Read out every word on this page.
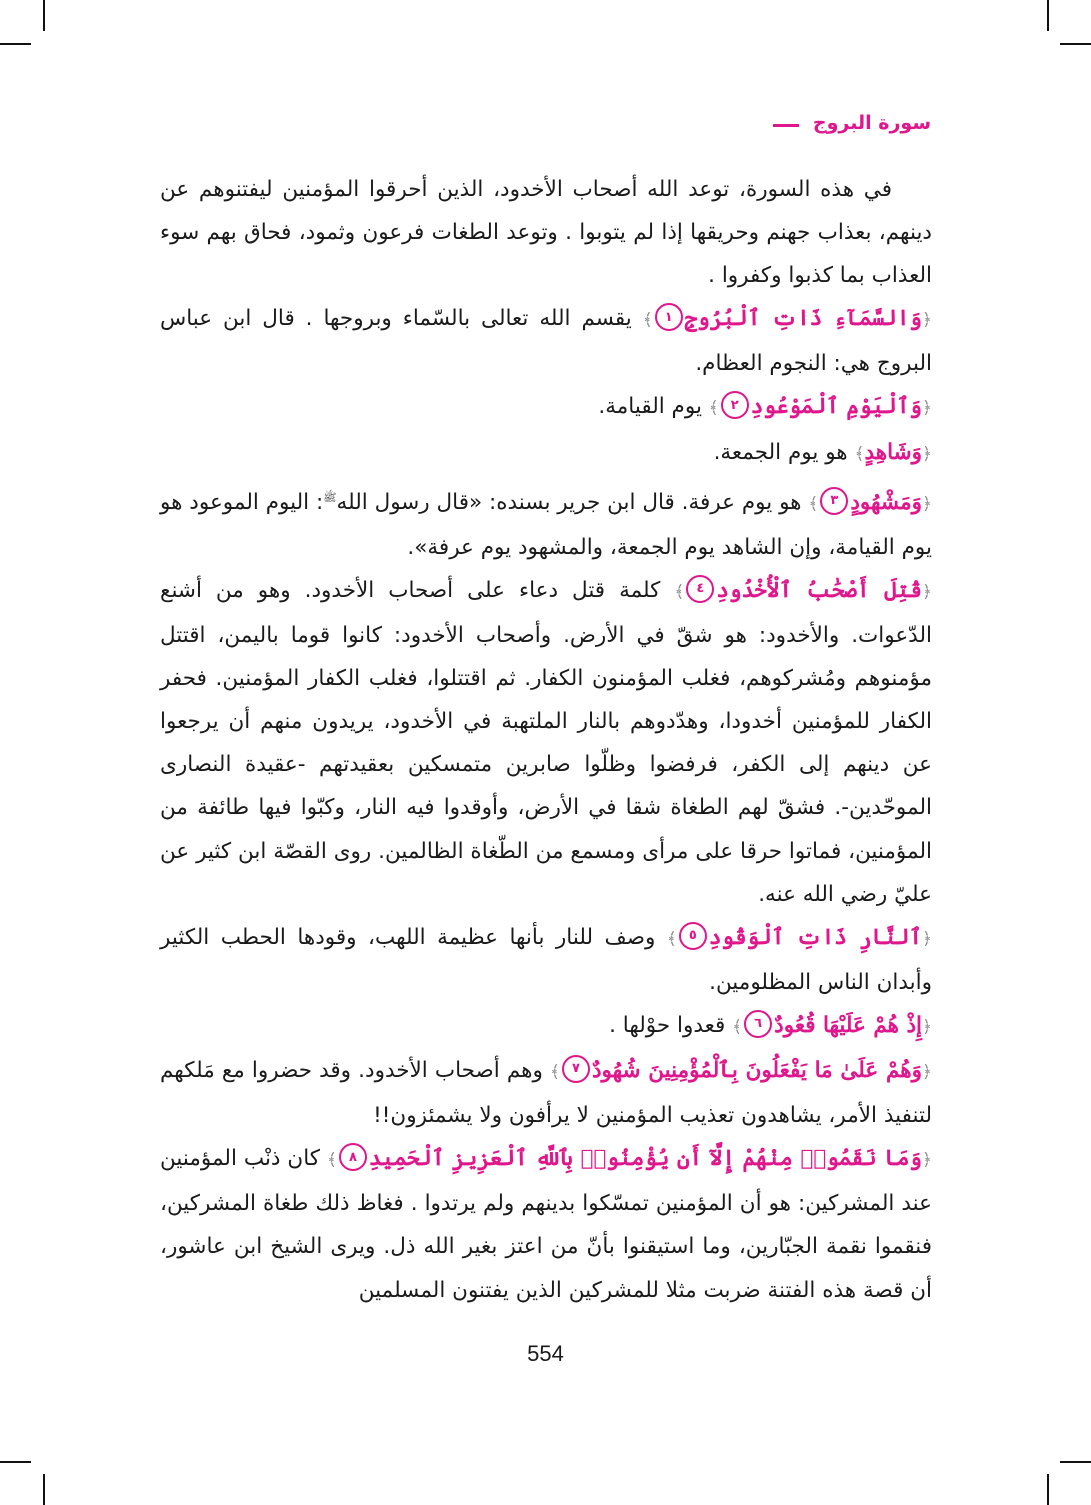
سورة البروج

في هذه السورة، توعد الله أصحاب الأخدود، الذين أحرقوا المؤمنين ليفتنوهم عن دينهم، بعذاب جهنم وحريقها إذا لم يتوبوا . وتوعد الطغات فرعون وثمود، فحاق بهم سوء العذاب بما كذبوا وكفروا .

﴿وَالسَّمَآءِ ذَاتِ ٱلْبُرُوجِ١﴾ يقسم الله تعالى بالسّماء وبروجها . قال ابن عباس البروج هي: النجوم العظام.

﴿وَٱلْيَوْمِ ٱلْمَوْعُودِ٢﴾ يوم القيامة.

﴿وَشَاهِدٍ﴾ هو يوم الجمعة.

﴿وَمَشْهُودٍ٣﴾ هو يوم عرفة. قال ابن جرير بسنده: «قال رسول الله$^ﷺ$: اليوم الموعود هو يوم القيامة، وإن الشاهد يوم الجمعة، والمشهود يوم عرفة».

﴿قُتِلَ أَصْحَٰبُ ٱلْأُخْدُودِ٤﴾ كلمة قتل دعاء على أصحاب الأخدود. وهو من أشنع الدّعوات. والأخدود: هو شقّ في الأرض. وأصحاب الأخدود: كانوا قوما باليمن، اقتتل مؤمنوهم ومُشركوهم، فغلب المؤمنون الكفار. ثم اقتتلوا، فغلب الكفار المؤمنين. فحفر الكفار للمؤمنين أخدودا، وهدّدوهم بالنار الملتهبة في الأخدود، يريدون منهم أن يرجعوا عن دينهم إلى الكفر، فرفضوا وظلّوا صابرين متمسكين بعقيدتهم -عقيدة النصارى الموحّدين-. فشقّ لهم الطغاة شقا في الأرض، وأوقدوا فيه النار، وكبّوا فيها طائفة من المؤمنين، فماتوا حرقا على مرأى ومسمع من الطّغاة الظالمين. روى القصّة ابن كثير عن عليّ رضي الله عنه.

﴿ٱلنَّارِ ذَاتِ ٱلْوَقُودِ٥﴾ وصف للنار بأنها عظيمة اللهب، وقودها الحطب الكثير وأبدان الناس المظلومين.

﴿إِذْ هُمْ عَلَيْهَا قُعُودٌ٦﴾ قعدوا حوْلها .

﴿وَهُمْ عَلَىٰ مَا يَفْعَلُونَ بِٱلْمُؤْمِنِينَ شُهُودٌ٧﴾ وهم أصحاب الأخدود. وقد حضروا مع مَلكهم لتنفيذ الأمر، يشاهدون تعذيب المؤمنين لا يرأفون ولا يشمئزون!!

﴿وَمَا نَقَمُوا۟ مِنْهُمْ إِلَّآ أَن يُؤْمِنُوا۟ بِٱللَّهِ ٱلْعَزِيزِ ٱلْحَمِيدِ٨﴾ كان ذنْب المؤمنين عند المشركين: هو أن المؤمنين تمسّكوا بدينهم ولم يرتدوا . فغاظ ذلك طغاة المشركين، فنقموا نقمة الجبّارين، وما استيقنوا بأنّ من اعتز بغير الله ذل. ويرى الشيخ ابن عاشور، أن قصة هذه الفتنة ضربت مثلا للمشركين الذين يفتنون المسلمين

554
